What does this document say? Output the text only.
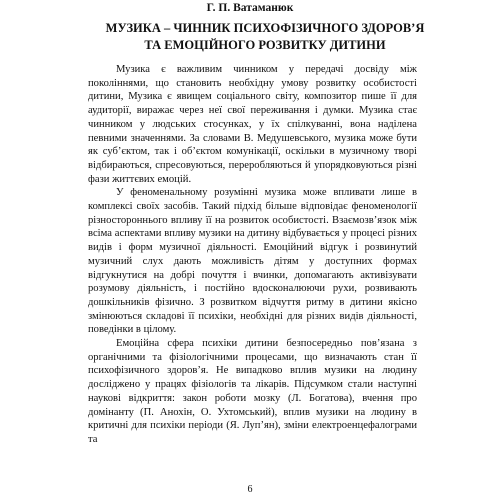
Г. П. Ватаманюк
МУЗИКА – ЧИННИК ПСИХОФІЗИЧНОГО ЗДОРОВ’Я
ТА ЕМОЦІЙНОГО РОЗВИТКУ ДИТИНИ

Музика є важливим чинником у передачі досвіду між поколіннями, що становить необхідну умову розвитку особистості дитини, Музика є явищем соціального світу, композитор пише її для аудиторії, виражає через неї свої переживання і думки. Музика стає чинником у людських стосунках, у їх спілкуванні, вона наділена певними значеннями. За словами В. Медушевського, музика може бути як суб’єктом, так і об’єктом комунікації, оскільки в музичному творі відбираються, спресовуються, переробляються й упорядковуються різні фази життєвих емоцій.

У феноменальному розумінні музика може впливати лише в комплексі своїх засобів. Такий підхід більше відповідає феноменології різностороннього впливу її на розвиток особистості. Взаємозв’язок між всіма аспектами впливу музики на дитину відбувається у процесі різних видів і форм музичної діяльності. Емоційний відгук і розвинутий музичний слух дають можливість дітям у доступних формах відгукнутися на добрі почуття і вчинки, допомагають активізувати розумову діяльність, і постійно вдосконалюючи рухи, розвивають дошкільників фізично. З розвитком відчуття ритму в дитини якісно змінюються складові її психіки, необхідні для різних видів діяльності, поведінки в цілому.

Емоційна сфера психіки дитини безпосередньо пов’язана з органічними та фізіологічними процесами, що визначають стан її психофізичного здоров’я. Не випадково вплив музики на людину досліджено у працях фізіологів та лікарів. Підсумком стали наступні наукові відкриття: закон роботи мозку (Л. Богатова), вчення про домінанту (П. Анохін, О. Ухтомський), вплив музики на людину в критичні для психіки періоди (Я. Луп’ян), зміни електроенцефалограми та

6
